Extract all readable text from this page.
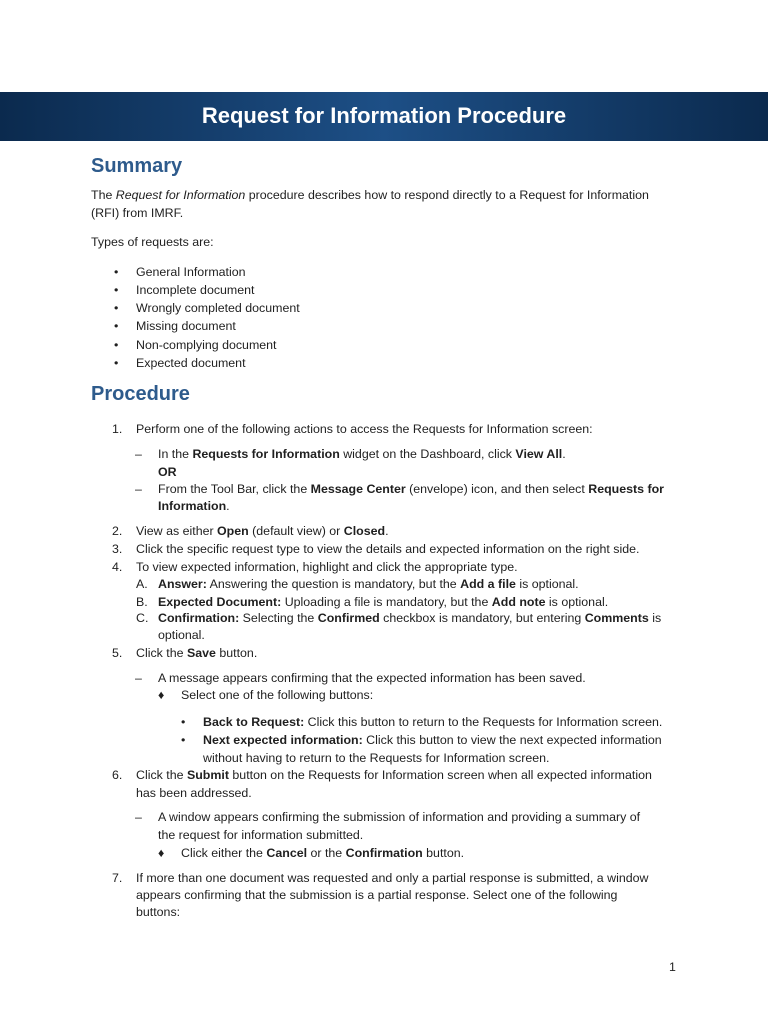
Request for Information Procedure
Summary

The Request for Information procedure describes how to respond directly to a Request for Information

(RFI) from IMRF.

Types of requests are:

• General Information

• Incomplete document

• Wrongly completed document

• Missing document

• Non-complying document

• Expected document

Procedure
1. Perform one of the following actions to access the Requests for Information screen:

– In the Requests for Information widget on the Dashboard, click View All.

OR

– From the Tool Bar, click the Message Center (envelope) icon, and then select Requests for

Information.

2. View as either Open (default view) or Closed.

3. Click the specific request type to view the details and expected information on the right side.

4. To view expected information, highlight and click the appropriate type.

A. Answer: Answering the question is mandatory, but the Add a file is optional.

B. Expected Document: Uploading a file is mandatory, but the Add note is optional.

C. Confirmation: Selecting the Confirmed checkbox is mandatory, but entering Comments is

optional.

5. Click the Save button.

– A message appears confirming that the expected information has been saved.

♦ Select one of the following buttons:

• Back to Request: Click this button to return to the Requests for Information screen.

• Next expected information: Click this button to view the next expected information

without having to return to the Requests for Information screen.

6. Click the Submit button on the Requests for Information screen when all expected information

has been addressed.

– A window appears confirming the submission of information and providing a summary of

the request for information submitted.

♦ Click either the Cancel or the Confirmation button.

7. If more than one document was requested and only a partial response is submitted, a window

appears confirming that the submission is a partial response. Select one of the following

buttons:

1
